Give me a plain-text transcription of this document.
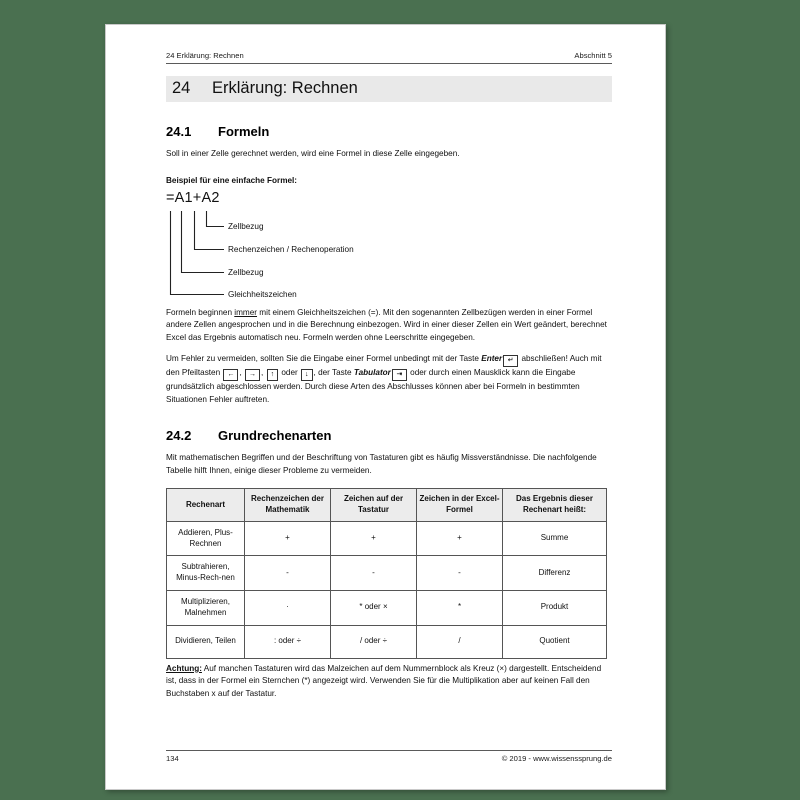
24 Erklärung: Rechnen	Abschnitt 5
24	Erklärung: Rechnen
24.1	Formeln

Soll in einer Zelle gerechnet werden, wird eine Formel in diese Zelle eingegeben.

Beispiel für eine einfache Formel:
=A1+A2
Zellbezug
Rechenzeichen / Rechenoperation
Zellbezug
Gleichheitszeichen

Formeln beginnen immer mit einem Gleichheitszeichen (=). Mit den sogenannten Zellbezügen werden in einer Formel andere Zellen angesprochen und in die Berechnung einbezogen. Wird in einer dieser Zellen ein Wert geändert, berechnet Excel das Ergebnis automatisch neu. Formeln werden ohne Leerschritte eingegeben.

Um Fehler zu vermeiden, sollten Sie die Eingabe einer Formel unbedingt mit der Taste Enter ↵ abschließen! Auch mit den Pfeiltasten ← , → , ↑ oder ↓ , der Taste Tabulator ⇥ oder durch einen Mausklick kann die Eingabe grundsätzlich abgeschlossen werden. Durch diese Arten des Abschlusses können aber bei Formeln in bestimmten Situationen Fehler auftreten.

24.2	Grundrechenarten

Mit mathematischen Begriffen und der Beschriftung von Tastaturen gibt es häufig Missverständnisse. Die nachfolgende Tabelle hilft Ihnen, einige dieser Probleme zu vermeiden.

Rechenart	Rechenzeichen der Mathematik	Zeichen auf der Tastatur	Zeichen in der Excel-Formel	Das Ergebnis dieser Rechenart heißt:
Addieren, Plus-Rechnen	+	+	+	Summe
Subtrahieren, Minus-Rech-nen	-	-	-	Differenz
Multiplizieren, Malnehmen	·	* oder ×	*	Produkt
Dividieren, Teilen	: oder ÷	/ oder ÷	/	Quotient

Achtung: Auf manchen Tastaturen wird das Malzeichen auf dem Nummernblock als Kreuz (×) dargestellt. Entscheidend ist, dass in der Formel ein Sternchen (*) angezeigt wird. Verwenden Sie für die Multiplikation aber auf keinen Fall den Buchstaben x auf der Tastatur.

134	© 2019 - www.wissenssprung.de
